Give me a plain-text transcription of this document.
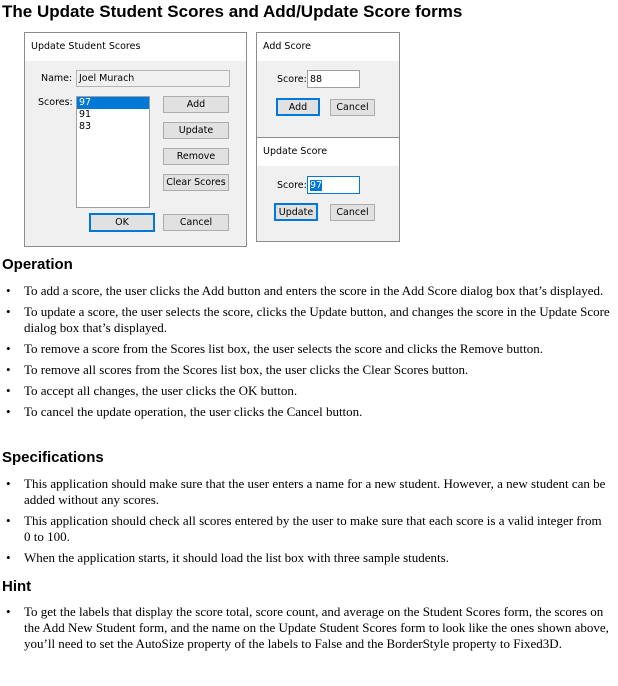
The Update Student Scores and Add/Update Score forms
Update Student Scores
Name: Joel Murach
Scores: 97
91
83
Add
Update
Remove
Clear Scores
OK	Cancel
Add Score
Score: 88
Add	Cancel
Update Score
Score: 97
Update	Cancel
Operation
• To add a score, the user clicks the Add button and enters the score in the Add Score dialog box that’s displayed.
• To update a score, the user selects the score, clicks the Update button, and changes the score in the Update Score dialog box that’s displayed.
• To remove a score from the Scores list box, the user selects the score and clicks the Remove button.
• To remove all scores from the Scores list box, the user clicks the Clear Scores button.
• To accept all changes, the user clicks the OK button.
• To cancel the update operation, the user clicks the Cancel button.
Specifications
• This application should make sure that the user enters a name for a new student. However, a new student can be added without any scores.
• This application should check all scores entered by the user to make sure that each score is a valid integer from 0 to 100.
• When the application starts, it should load the list box with three sample students.
Hint
• To get the labels that display the score total, score count, and average on the Student Scores form, the scores on the Add New Student form, and the name on the Update Student Scores form to look like the ones shown above, you’ll need to set the AutoSize property of the labels to False and the BorderStyle property to Fixed3D.
